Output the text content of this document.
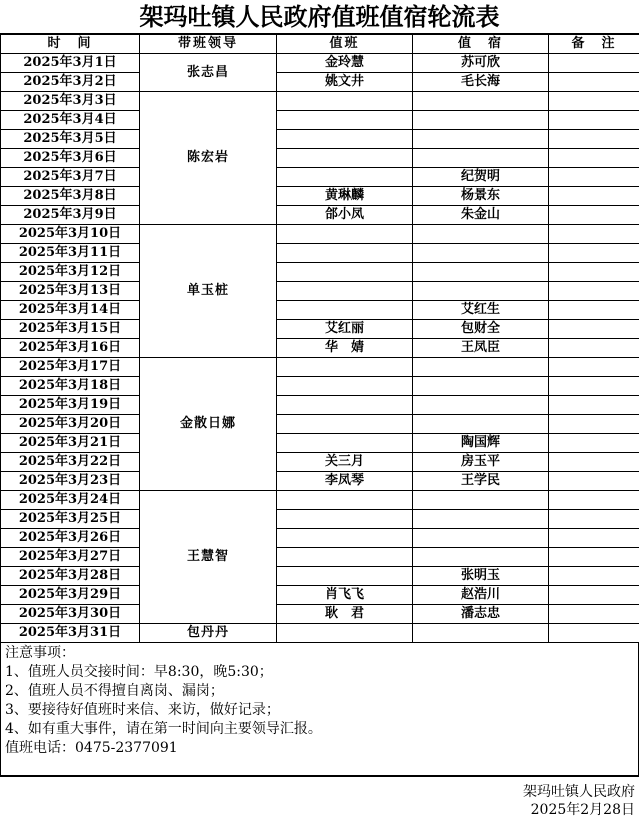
架玛吐镇人民政府值班值宿轮流表
时　间	带班领导	值班	值　宿	备　注
2025年3月1日	张志昌	金玲慧	苏可欣	
2025年3月2日		姚文井	毛长海	
2025年3月3日	陈宏岩			
2025年3月4日				
2025年3月5日				
2025年3月6日				
2025年3月7日			纪贺明	
2025年3月8日		黄琳麟	杨景东	
2025年3月9日		郃小凤	朱金山	
2025年3月10日	单玉桩			
2025年3月11日				
2025年3月12日				
2025年3月13日				
2025年3月14日			艾红生	
2025年3月15日		艾红丽	包财全	
2025年3月16日		华　婧	王凤臣	
2025年3月17日	金散日娜			
2025年3月18日				
2025年3月19日				
2025年3月20日				
2025年3月21日			陶国辉	
2025年3月22日		关三月	房玉平	
2025年3月23日		李凤琴	王学民	
2025年3月24日	王慧智			
2025年3月25日				
2025年3月26日				
2025年3月27日				
2025年3月28日			张明玉	
2025年3月29日		肖飞飞	赵浩川	
2025年3月30日		耿　君	潘志忠	
2025年3月31日	包丹丹			
注意事项：
1、值班人员交接时间：早8:30，晚5:30；
2、值班人员不得擅自离岗、漏岗；
3、要接待好值班时来信、来访，做好记录；
4、如有重大事件，请在第一时间向主要领导汇报。
值班电话：0475-2377091
架玛吐镇人民政府
2025年2月28日
